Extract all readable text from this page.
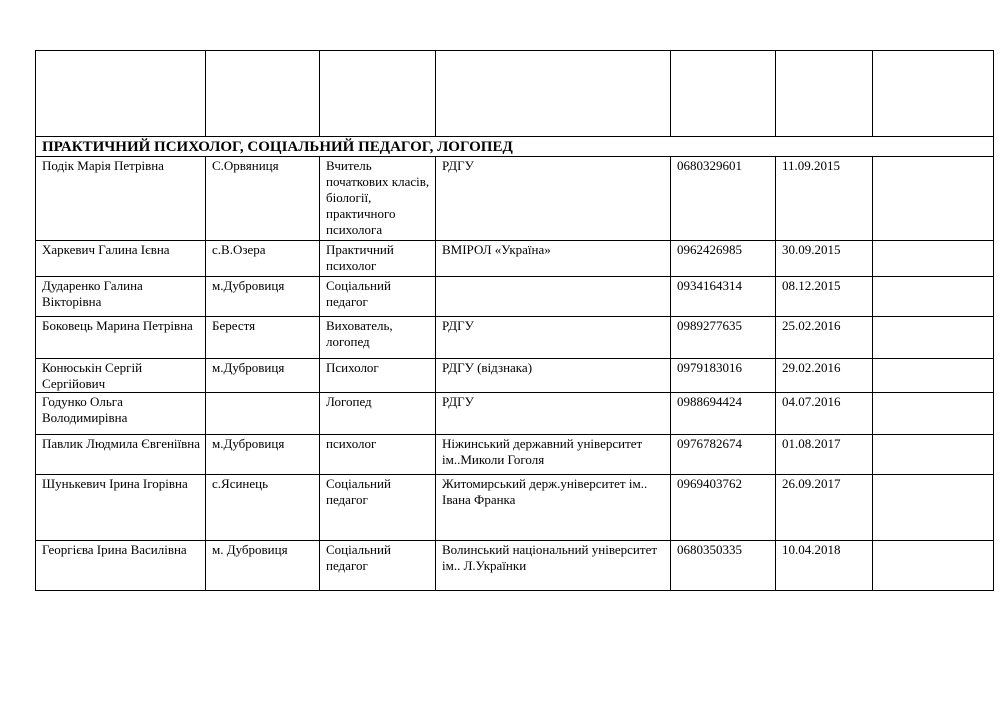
ПРАКТИЧНИЙ ПСИХОЛОГ, СОЦІАЛЬНИЙ ПЕДАГОГ, ЛОГОПЕД						
Подік Марія Петрівна	С.Орвяниця	Вчитель початкових класів, біології, практичного психолога	РДГУ	0680329601	11.09.2015	
Харкевич Галина Ієвна	с.В.Озера	Практичний психолог	ВМІРОЛ «Україна»	0962426985	30.09.2015	
Дударенко Галина Вікторівна	м.Дубровиця	Соціальний педагог		0934164314	08.12.2015	
Боковець Марина Петрівна	Берестя	Вихователь, логопед	РДГУ	0989277635	25.02.2016	
Конюськін Сергій Сергійович	м.Дубровиця	Психолог	РДГУ (відзнака)	0979183016	29.02.2016	
Годунко Ольга Володимирівна		Логопед	РДГУ	0988694424	04.07.2016	
Павлик Людмила Євгеніївна	м.Дубровиця	психолог	Ніжинський державний університет ім..Миколи Гоголя	0976782674	01.08.2017	
Шунькевич Ірина Ігорівна	с.Ясинець	Соціальний педагог	Житомирський держ.університет ім.. Івана Франка	0969403762	26.09.2017	
Георгієва Ірина Василівна	м. Дубровиця	Соціальний педагог	Волинський національний університет ім.. Л.Українки	0680350335	10.04.2018	
